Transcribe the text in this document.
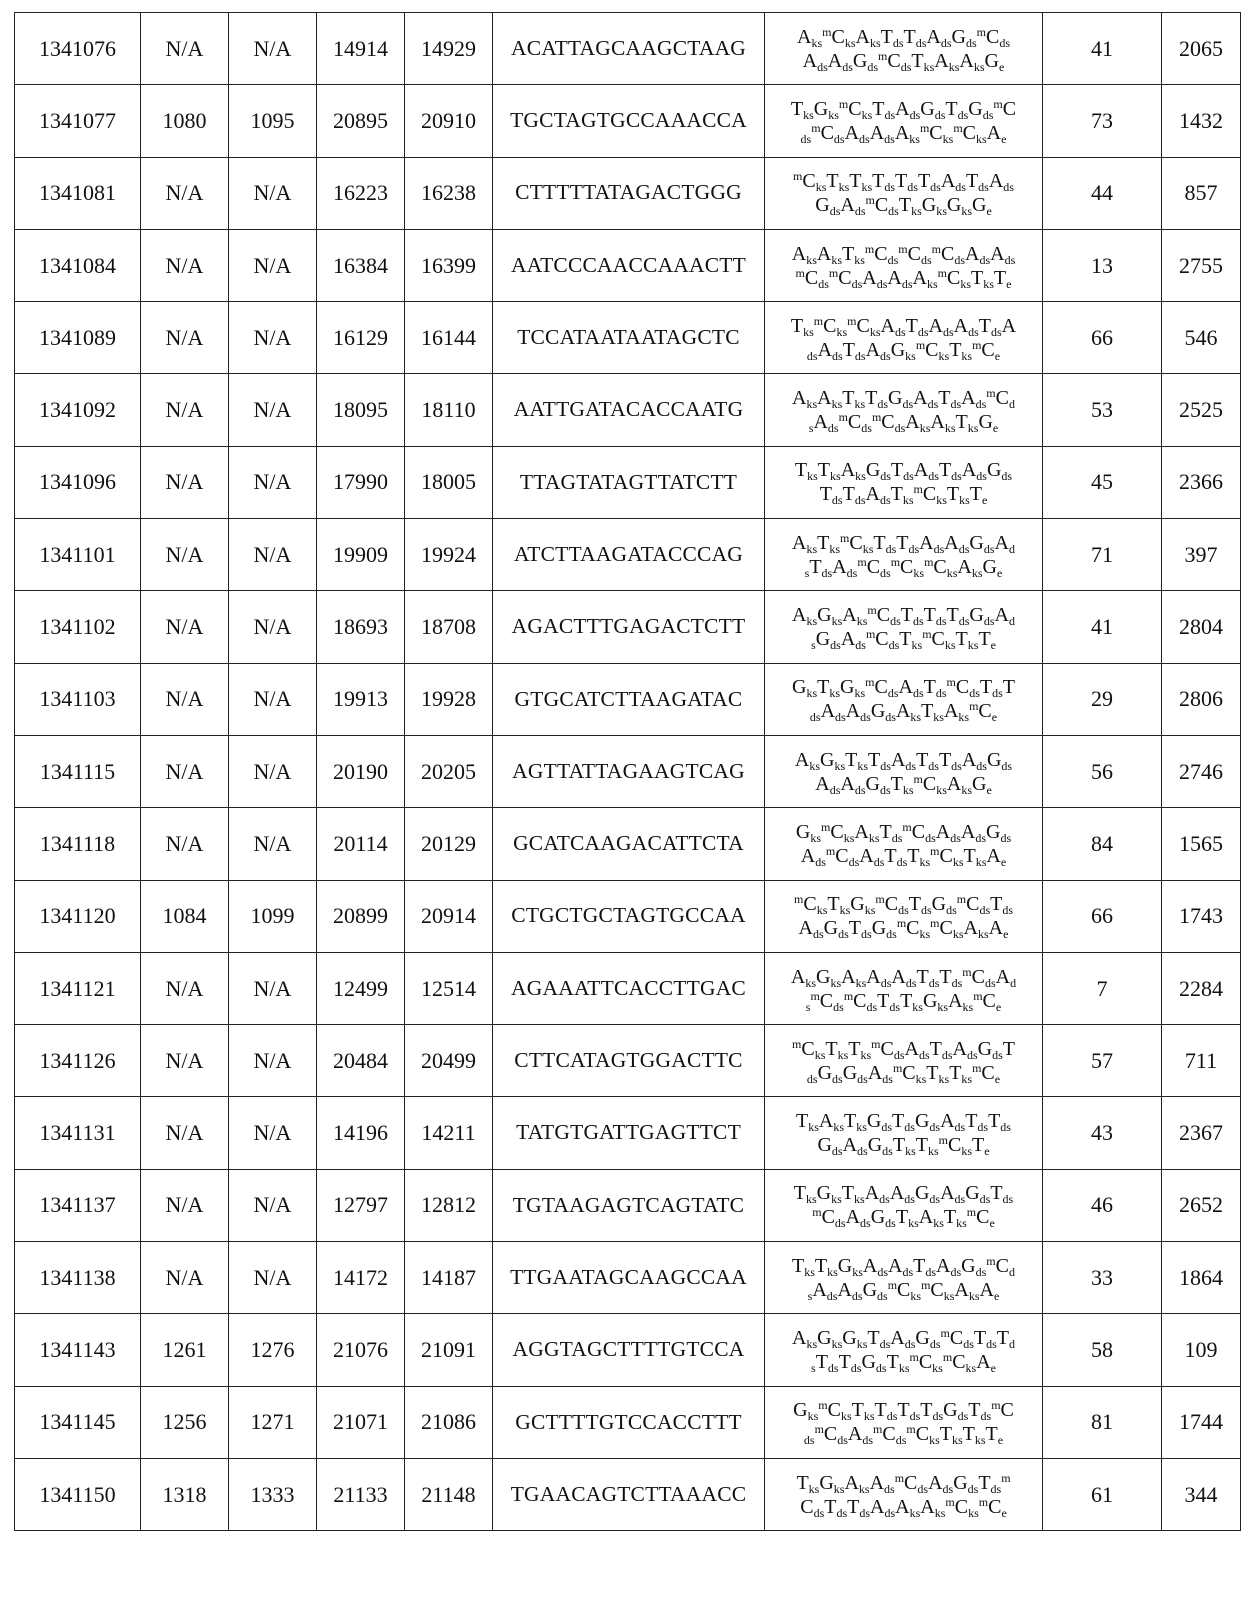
1341076	N/A	N/A	14914	14929	ACATTAGCAAGCTAAG	$A_{ks}^mC_{ks}A_{ks}T_{ds}T_{ds}A_{ds}G_{ds}^mC_{ds}$
$A_{ds}A_{ds}G_{ds}^mC_{ds}T_{ks}A_{ks}A_{ks}G_e$	41	2065
1341077	1080	1095	20895	20910	TGCTAGTGCCAAACCA	$T_{ks}G_{ks}^mC_{ks}T_{ds}A_{ds}G_{ds}T_{ds}G_{ds}^mC$
$_{ds}^mC_{ds}A_{ds}A_{ds}A_{ks}^mC_{ks}^mC_{ks}A_e$	73	1432
1341081	N/A	N/A	16223	16238	CTTTTTATAGACTGGG	$^mC_{ks}T_{ks}T_{ks}T_{ds}T_{ds}T_{ds}A_{ds}T_{ds}A_{ds}$
$G_{ds}A_{ds}^mC_{ds}T_{ks}G_{ks}G_{ks}G_e$	44	857
1341084	N/A	N/A	16384	16399	AATCCCAACCAAACTT	$A_{ks}A_{ks}T_{ks}^mC_{ds}^mC_{ds}^mC_{ds}A_{ds}A_{ds}$
$^mC_{ds}^mC_{ds}A_{ds}A_{ds}A_{ks}^mC_{ks}T_{ks}T_e$	13	2755
1341089	N/A	N/A	16129	16144	TCCATAATAATAGCTC	$T_{ks}^mC_{ks}^mC_{ks}A_{ds}T_{ds}A_{ds}A_{ds}T_{ds}A$
$_{ds}A_{ds}T_{ds}A_{ds}G_{ks}^mC_{ks}T_{ks}^mC_e$	66	546
1341092	N/A	N/A	18095	18110	AATTGATACACCAATG	$A_{ks}A_{ks}T_{ks}T_{ds}G_{ds}A_{ds}T_{ds}A_{ds}^mC_d$
$_sA_{ds}^mC_{ds}^mC_{ds}A_{ks}A_{ks}T_{ks}G_e$	53	2525
1341096	N/A	N/A	17990	18005	TTAGTATAGTTATCTT	$T_{ks}T_{ks}A_{ks}G_{ds}T_{ds}A_{ds}T_{ds}A_{ds}G_{ds}$
$T_{ds}T_{ds}A_{ds}T_{ks}^mC_{ks}T_{ks}T_e$	45	2366
1341101	N/A	N/A	19909	19924	ATCTTAAGATACCCAG	$A_{ks}T_{ks}^mC_{ks}T_{ds}T_{ds}A_{ds}A_{ds}G_{ds}A_d$
$_sT_{ds}A_{ds}^mC_{ds}^mC_{ks}^mC_{ks}A_{ks}G_e$	71	397
1341102	N/A	N/A	18693	18708	AGACTTTGAGACTCTT	$A_{ks}G_{ks}A_{ks}^mC_{ds}T_{ds}T_{ds}T_{ds}G_{ds}A_d$
$_sG_{ds}A_{ds}^mC_{ds}T_{ks}^mC_{ks}T_{ks}T_e$	41	2804
1341103	N/A	N/A	19913	19928	GTGCATCTTAAGATAC	$G_{ks}T_{ks}G_{ks}^mC_{ds}A_{ds}T_{ds}^mC_{ds}T_{ds}T$
$_{ds}A_{ds}A_{ds}G_{ds}A_{ks}T_{ks}A_{ks}^mC_e$	29	2806
1341115	N/A	N/A	20190	20205	AGTTATTAGAAGTCAG	$A_{ks}G_{ks}T_{ks}T_{ds}A_{ds}T_{ds}T_{ds}A_{ds}G_{ds}$
$A_{ds}A_{ds}G_{ds}T_{ks}^mC_{ks}A_{ks}G_e$	56	2746
1341118	N/A	N/A	20114	20129	GCATCAAGACATTCTA	$G_{ks}^mC_{ks}A_{ks}T_{ds}^mC_{ds}A_{ds}A_{ds}G_{ds}$
$A_{ds}^mC_{ds}A_{ds}T_{ds}T_{ks}^mC_{ks}T_{ks}A_e$	84	1565
1341120	1084	1099	20899	20914	CTGCTGCTAGTGCCAA	$^mC_{ks}T_{ks}G_{ks}^mC_{ds}T_{ds}G_{ds}^mC_{ds}T_{ds}$
$A_{ds}G_{ds}T_{ds}G_{ds}^mC_{ks}^mC_{ks}A_{ks}A_e$	66	1743
1341121	N/A	N/A	12499	12514	AGAAATTCACCTTGAC	$A_{ks}G_{ks}A_{ks}A_{ds}A_{ds}T_{ds}T_{ds}^mC_{ds}A_d$
$_s^mC_{ds}^mC_{ds}T_{ds}T_{ks}G_{ks}A_{ks}^mC_e$	7	2284
1341126	N/A	N/A	20484	20499	CTTCATAGTGGACTTC	$^mC_{ks}T_{ks}T_{ks}^mC_{ds}A_{ds}T_{ds}A_{ds}G_{ds}T$
$_{ds}G_{ds}G_{ds}A_{ds}^mC_{ks}T_{ks}T_{ks}^mC_e$	57	711
1341131	N/A	N/A	14196	14211	TATGTGATTGAGTTCT	$T_{ks}A_{ks}T_{ks}G_{ds}T_{ds}G_{ds}A_{ds}T_{ds}T_{ds}$
$G_{ds}A_{ds}G_{ds}T_{ks}T_{ks}^mC_{ks}T_e$	43	2367
1341137	N/A	N/A	12797	12812	TGTAAGAGTCAGTATC	$T_{ks}G_{ks}T_{ks}A_{ds}A_{ds}G_{ds}A_{ds}G_{ds}T_{ds}$
$^mC_{ds}A_{ds}G_{ds}T_{ks}A_{ks}T_{ks}^mC_e$	46	2652
1341138	N/A	N/A	14172	14187	TTGAATAGCAAGCCAA	$T_{ks}T_{ks}G_{ks}A_{ds}A_{ds}T_{ds}A_{ds}G_{ds}^mC_d$
$_sA_{ds}A_{ds}G_{ds}^mC_{ks}^mC_{ks}A_{ks}A_e$	33	1864
1341143	1261	1276	21076	21091	AGGTAGCTTTTGTCCA	$A_{ks}G_{ks}G_{ks}T_{ds}A_{ds}G_{ds}^mC_{ds}T_{ds}T_d$
$_sT_{ds}T_{ds}G_{ds}T_{ks}^mC_{ks}^mC_{ks}A_e$	58	109
1341145	1256	1271	21071	21086	GCTTTTGTCCACCTTT	$G_{ks}^mC_{ks}T_{ks}T_{ds}T_{ds}T_{ds}G_{ds}T_{ds}^mC$
$_{ds}^mC_{ds}A_{ds}^mC_{ds}^mC_{ks}T_{ks}T_{ks}T_e$	81	1744
1341150	1318	1333	21133	21148	TGAACAGTCTTAAACC	$T_{ks}G_{ks}A_{ks}A_{ds}^mC_{ds}A_{ds}G_{ds}T_{ds}^m$
$C_{ds}T_{ds}T_{ds}A_{ds}A_{ks}A_{ks}^mC_{ks}^mC_e$	61	344
